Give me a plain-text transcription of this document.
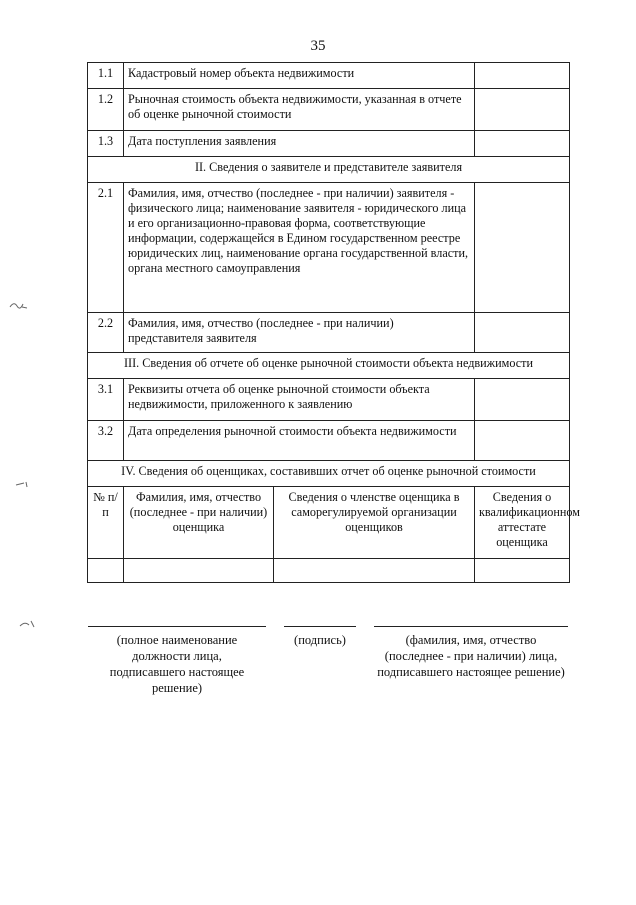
35
1.1	Кадастровый номер объекта недвижимости		
1.2	Рыночная стоимость объекта недвижимости, указанная в отчете об оценке рыночной стоимости		
1.3	Дата поступления заявления		
II. Сведения о заявителе и представителе заявителя			
2.1	Фамилия, имя, отчество (последнее - при наличии) заявителя - физического лица; наименование заявителя - юридического лица и его организационно-правовая форма, соответствующие информации, содержащейся в Едином государственном реестре юридических лиц, наименование органа государственной власти, органа местного самоуправления		
2.2	Фамилия, имя, отчество (последнее - при наличии) представителя заявителя		
III. Сведения об отчете об оценке рыночной стоимости объекта недвижимости			
3.1	Реквизиты отчета об оценке рыночной стоимости объекта недвижимости, приложенного к заявлению		
3.2	Дата определения рыночной стоимости объекта недвижимости		
IV. Сведения об оценщиках, составивших отчет об оценке рыночной стоимости			
№ п/п	Фамилия, имя, отчество (последнее - при наличии) оценщика	Сведения о членстве оценщика в саморегулируемой организации оценщиков	Сведения о квалификационном аттестате оценщика

(полное наименование должности лица, подписавшего настоящее решение)
(подпись)	(фамилия, имя, отчество (последнее - при наличии) лица, подписавшего настоящее решение)
